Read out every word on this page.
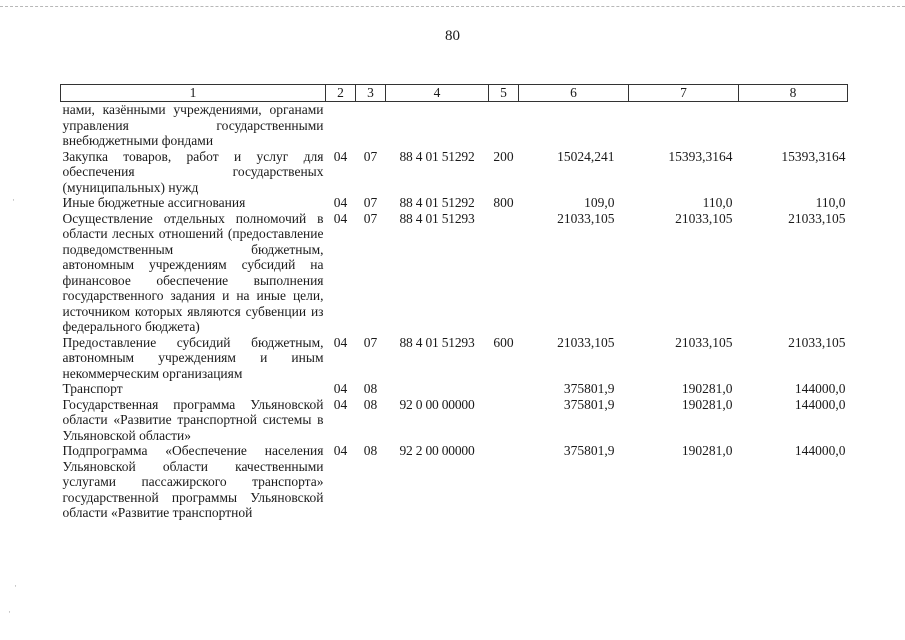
80
·
·
·
1	2	3	4	5	6	7	8
нами, казёнными учреждениями, органами управления государственными внебюджетными фондами							
Закупка товаров, работ и услуг для обеспечения государственых (муниципальных) нужд	04	07	88 4 01 51292	200	15024,241	15393,3164	15393,3164
Иные бюджетные ассигнования	04	07	88 4 01 51292	800	109,0	110,0	110,0
Осуществление отдельных полномочий в области лесных отношений (предоставление подведомственным бюджетным, автономным учреждениям субсидий на финансовое обеспечение выполнения государственного задания и на иные цели, источником которых являются субвенции из федерального бюджета)	04	07	88 4 01 51293		21033,105	21033,105	21033,105
Предоставление субсидий бюджетным, автономным учреждениям и иным некоммерческим организациям	04	07	88 4 01 51293	600	21033,105	21033,105	21033,105
Транспорт	04	08			375801,9	190281,0	144000,0
Государственная программа Ульяновской области «Развитие транспортной системы в Ульяновской области»	04	08	92 0 00 00000		375801,9	190281,0	144000,0
Подпрограмма «Обеспечение населения Ульяновской области качественными услугами пассажирского транспорта» государственной программы Ульяновской области «Развитие транспортной	04	08	92 2 00 00000		375801,9	190281,0	144000,0
